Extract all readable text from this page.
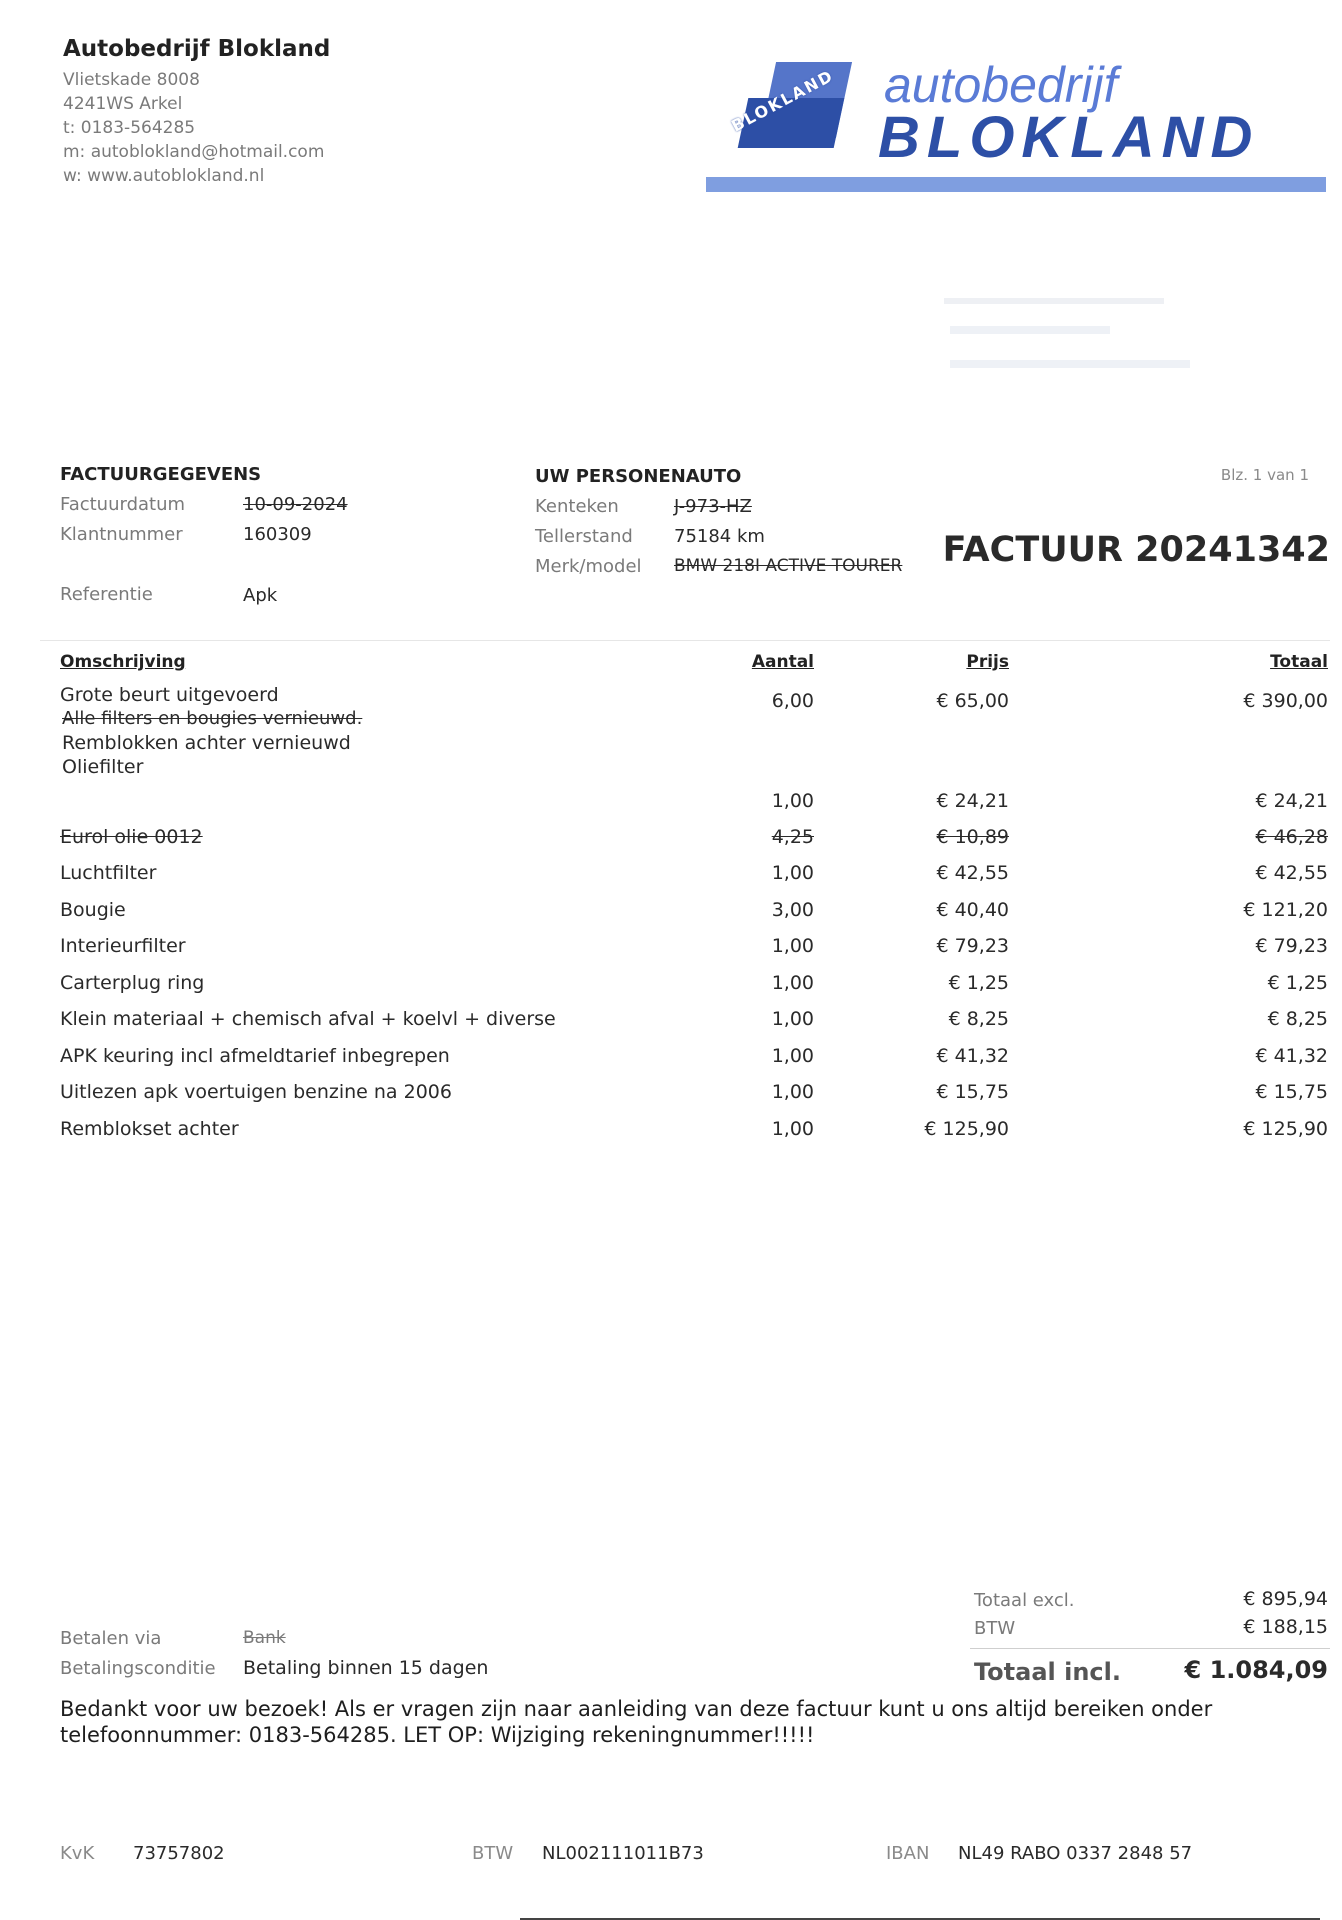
Autobedrijf Blokland
Vlietskade 8008
4241WS Arkel
t: 0183-564285
m: autoblokland@hotmail.com
w: www.autoblokland.nl
BLOKLAND autobedrijf
BLOKLAND
FACTUURGEGEVENS
Factuurdatum	10-09-2024
Klantnummer	160309
Referentie	Apk
UW PERSONENAUTO
Kenteken	J-973-HZ
Tellerstand 75184 km
Merk/model BMW 218I ACTIVE TOURER
Blz. 1 van 1
FACTUUR 20241342
Omschrijving	Aantal	Prijs	Totaal
Grote beurt uitgevoerd	6,00	€ 65,00	€ 390,00
Alle filters en bougies vernieuwd.
Remblokken achter vernieuwd
Oliefilter
1,00	€ 24,21	€ 24,21
Eurol olie 0012	4,25	€ 10,89	€ 46,28
Luchtfilter	1,00	€ 42,55	€ 42,55
Bougie	3,00	€ 40,40	€ 121,20
Interieurfilter	1,00	€ 79,23	€ 79,23
Carterplug ring	1,00	€ 1,25	€ 1,25
Klein materiaal + chemisch afval + koelvl + diverse	1,00	€ 8,25	€ 8,25
APK keuring incl afmeldtarief inbegrepen	1,00	€ 41,32	€ 41,32
Uitlezen apk voertuigen benzine na 2006	1,00	€ 15,75	€ 15,75
Remblokset achter	1,00	€ 125,90	€ 125,90
Betalen via	Bank
Betalingsconditie Betaling binnen 15 dagen
Totaal excl.	€ 895,94
BTW	€ 188,15
Totaal incl.	€ 1.084,09
Bedankt voor uw bezoek! Als er vragen zijn naar aanleiding van deze factuur kunt u ons altijd bereiken onder telefoonnummer: 0183-564285. LET OP: Wijziging rekeningnummer!!!!!
KvK 73757802	BTW NL002111011B73	IBAN NL49 RABO 0337 2848 57
